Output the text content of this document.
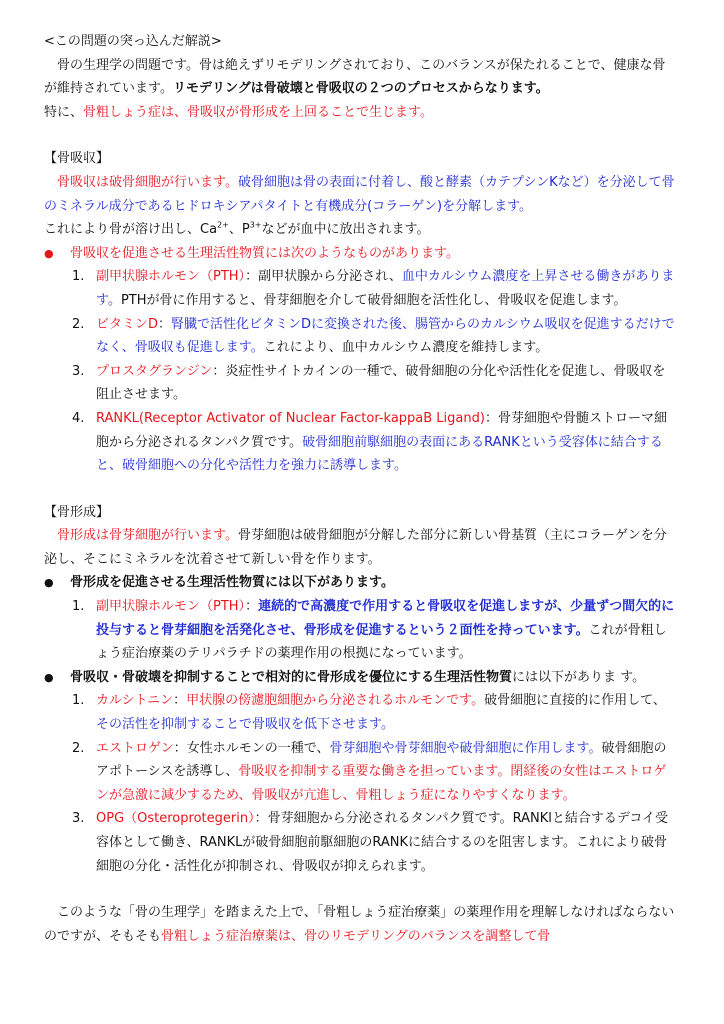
<この問題の突っ込んだ解説>

骨の生理学の問題です。骨は絶えずリモデリングされており、このバランスが保たれることで、健康な骨が維持されています。リモデリングは骨破壊と骨吸収の２つのプロセスからなります。

特に、骨粗しょう症は、骨吸収が骨形成を上回ることで生じます。

【骨吸収】

骨吸収は破骨細胞が行います。破骨細胞は骨の表面に付着し、酸と酵素（カテプシンKなど）を分泌して骨のミネラル成分であるヒドロキシアパタイトと有機成分(コラーゲン)を分解します。

これにより骨が溶け出し、$Ca^{2+}$、$P^{3+}$などが血中に放出されます。

● 骨吸収を促進させる生理活性物質には次のようなものがあります。

1. 副甲状腺ホルモン（PTH）：副甲状腺から分泌され、血中カルシウム濃度を上昇させる働きがあります。PTHが骨に作用すると、骨芽細胞を介して破骨細胞を活性化し、骨吸収を促進します。

2. ビタミンD：腎臓で活性化ビタミンDに変換された後、腸管からのカルシウム吸収を促進するだけでなく、骨吸収も促進します。これにより、血中カルシウム濃度を維持します。

3. プロスタグランジン：炎症性サイトカインの一種で、破骨細胞の分化や活性化を促進し、骨吸収を阻止させます。

4. RANKL(Receptor Activator of Nuclear Factor-kappaB Ligand)：骨芽細胞や骨髄ストローマ細胞から分泌されるタンパク質です。破骨細胞前駆細胞の表面にあるRANKという受容体に結合すると、破骨細胞への分化や活性力を強力に誘導します。

【骨形成】

骨形成は骨芽細胞が行います。骨芽細胞は破骨細胞が分解した部分に新しい骨基質（主にコラーゲンを分泌し、そこにミネラルを沈着させて新しい骨を作ります。

● 骨形成を促進させる生理活性物質には以下があります。

1. 副甲状腺ホルモン（PTH）：連続的で高濃度で作用すると骨吸収を促進しますが、少量ずつ間欠的に投与すると骨芽細胞を活発化させ、骨形成を促進するという２面性を持っています。これが骨粗しょう症治療薬のテリパラチドの薬理作用の根拠になっています。

● 骨吸収・骨破壊を抑制することで相対的に骨形成を優位にする生理活性物質には以下がありま す。

1. カルシトニン：甲状腺の傍濾胞細胞から分泌されるホルモンです。破骨細胞に直接的に作用して、その活性を抑制することで骨吸収を低下させます。

2. エストロゲン：女性ホルモンの一種で、骨芽細胞や骨芽細胞や破骨細胞に作用します。破骨細胞のアポトーシスを誘導し、骨吸収を抑制する重要な働きを担っています。閉経後の女性はエストロゲンが急激に減少するため、骨吸収が亢進し、骨粗しょう症になりやすくなります。

3. OPG（Osteroprotegerin）：骨芽細胞から分泌されるタンパク質です。RANKlと結合するデコイ受容体として働き、RANKLが破骨細胞前駆細胞のRANKに結合するのを阻害します。これにより破骨細胞の分化・活性化が抑制され、骨吸収が抑えられます。

このような「骨の生理学」を踏まえた上で、「骨粗しょう症治療薬」の薬理作用を理解しなければならないのですが、そもそも骨粗しょう症治療薬は、骨のリモデリングのバランスを調整して骨
